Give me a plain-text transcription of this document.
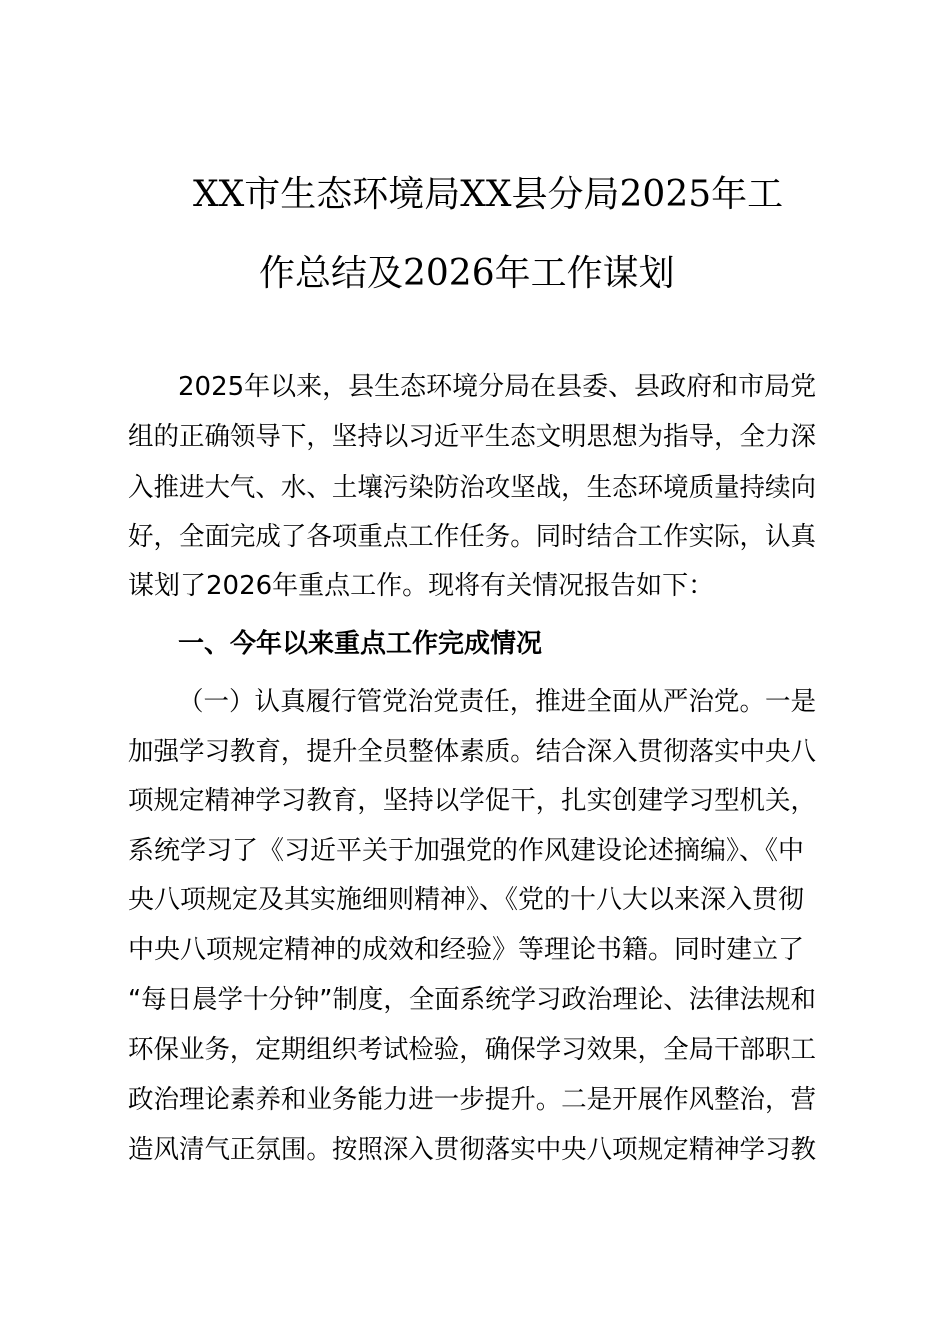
XX市生态环境局XX县分局2025年工
作总结及2026年工作谋划
2025年以来，县生态环境分局在县委、县政府和市局党
组的正确领导下，坚持以习近平生态文明思想为指导，全力深
入推进大气、水、土壤污染防治攻坚战，生态环境质量持续向
好，全面完成了各项重点工作任务。同时结合工作实际，认真
谋划了2026年重点工作。现将有关情况报告如下：
一、今年以来重点工作完成情况
（一）认真履行管党治党责任，推进全面从严治党。一是
加强学习教育，提升全员整体素质。结合深入贯彻落实中央八
项规定精神学习教育，坚持以学促干，扎实创建学习型机关，
系统学习了《习近平关于加强党的作风建设论述摘编》、《中
央八项规定及其实施细则精神》、《党的十八大以来深入贯彻
中央八项规定精神的成效和经验》等理论书籍。同时建立了
“每日晨学十分钟”制度，全面系统学习政治理论、法律法规和
环保业务，定期组织考试检验，确保学习效果，全局干部职工
政治理论素养和业务能力进一步提升。二是开展作风整治，营
造风清气正氛围。按照深入贯彻落实中央八项规定精神学习教
